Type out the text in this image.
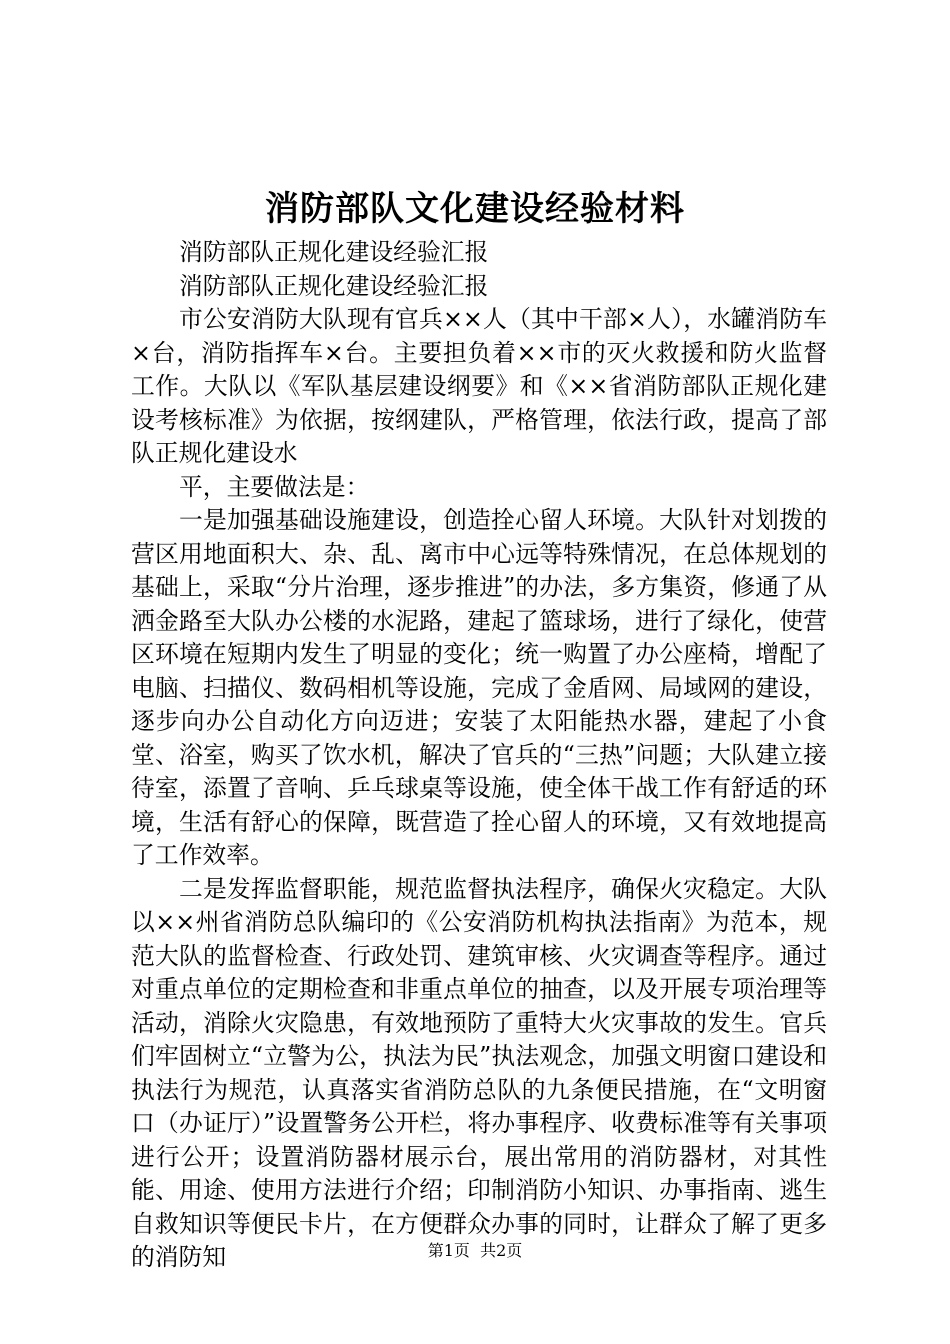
消防部队文化建设经验材料

消防部队正规化建设经验汇报

消防部队正规化建设经验汇报

市公安消防大队现有官兵××人（其中干部×人），水罐消防车×台，消防指挥车×台。主要担负着××市的灭火救援和防火监督工作。大队以《军队基层建设纲要》和《××省消防部队正规化建设考核标准》为依据，按纲建队，严格管理，依法行政，提高了部队正规化建设水

平，主要做法是：

一是加强基础设施建设，创造拴心留人环境。大队针对划拨的营区用地面积大、杂、乱、离市中心远等特殊情况，在总体规划的基础上，采取“分片治理，逐步推进”的办法，多方集资，修通了从洒金路至大队办公楼的水泥路，建起了篮球场，进行了绿化，使营区环境在短期内发生了明显的变化；统一购置了办公座椅，增配了电脑、扫描仪、数码相机等设施，完成了金盾网、局域网的建设，逐步向办公自动化方向迈进；安装了太阳能热水器，建起了小食堂、浴室，购买了饮水机，解决了官兵的“三热”问题；大队建立接待室，添置了音响、乒乓球桌等设施，使全体干战工作有舒适的环境，生活有舒心的保障，既营造了拴心留人的环境，又有效地提高了工作效率。

二是发挥监督职能，规范监督执法程序，确保火灾稳定。大队以××州省消防总队编印的《公安消防机构执法指南》为范本，规范大队的监督检查、行政处罚、建筑审核、火灾调查等程序。通过对重点单位的定期检查和非重点单位的抽查，以及开展专项治理等活动，消除火灾隐患，有效地预防了重特大火灾事故的发生。官兵们牢固树立“立警为公，执法为民”执法观念，加强文明窗口建设和执法行为规范，认真落实省消防总队的九条便民措施，在“文明窗口（办证厅）”设置警务公开栏，将办事程序、收费标准等有关事项进行公开；设置消防器材展示台，展出常用的消防器材，对其性能、用途、使用方法进行介绍；印制消防小知识、办事指南、逃生自救知识等便民卡片，在方便群众办事的同时，让群众了解了更多的消防知	第1页  共2页
